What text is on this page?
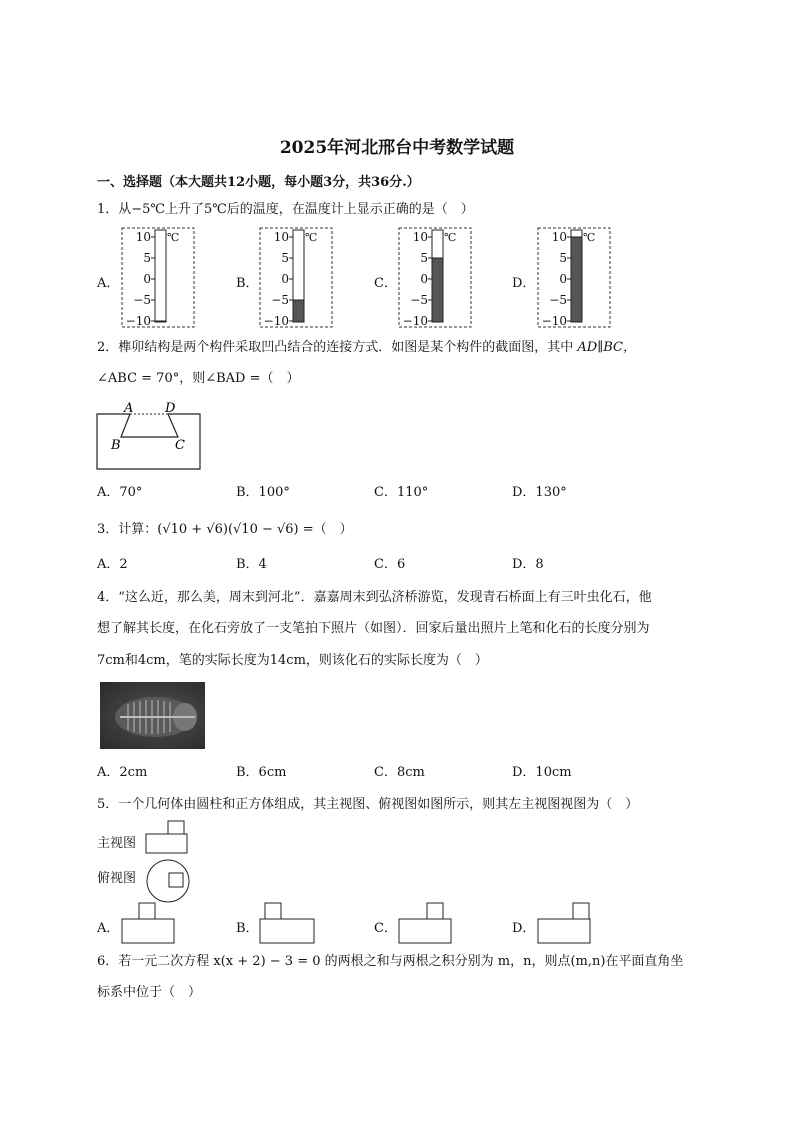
2025年河北邢台中考数学试题
一、选择题（本大题共12小题，每小题3分，共36分.）
1．从−5℃上升了5℃后的温度，在温度计上显示正确的是（　）
A．	B．	C．	D．
10
5
0
−5
−10
℃	10
5
0
−5
−10
℃	10
5
0
−5
−10
℃	10
5
0
−5
−10
℃
2．榫卯结构是两个构件采取凹凸结合的连接方式．如图是某个构件的截面图，其中 AD∥BC，
∠ABC = 70°，则∠BAD =（　）
A D
B	C
A．70°	B．100°	C．110°	D．130°
3．计算：(√10 + √6)(√10 − √6) =（　）
A．2	B．4	C．6	D．8
4．“这么近，那么美，周末到河北”．嘉嘉周末到弘济桥游览，发现青石桥面上有三叶虫化石，他
想了解其长度，在化石旁放了一支笔拍下照片（如图）．回家后量出照片上笔和化石的长度分别为
7cm和4cm，笔的实际长度为14cm，则该化石的实际长度为（　）
A．2cm	B．6cm	C．8cm	D．10cm
5．一个几何体由圆柱和正方体组成，其主视图、俯视图如图所示，则其左主视图视图为（　）
主视图
俯视图
A．	B．	C．	D．
6．若一元二次方程 x(x + 2) − 3 = 0 的两根之和与两根之积分别为 m，n，则点(m,n)在平面直角坐
标系中位于（　）
